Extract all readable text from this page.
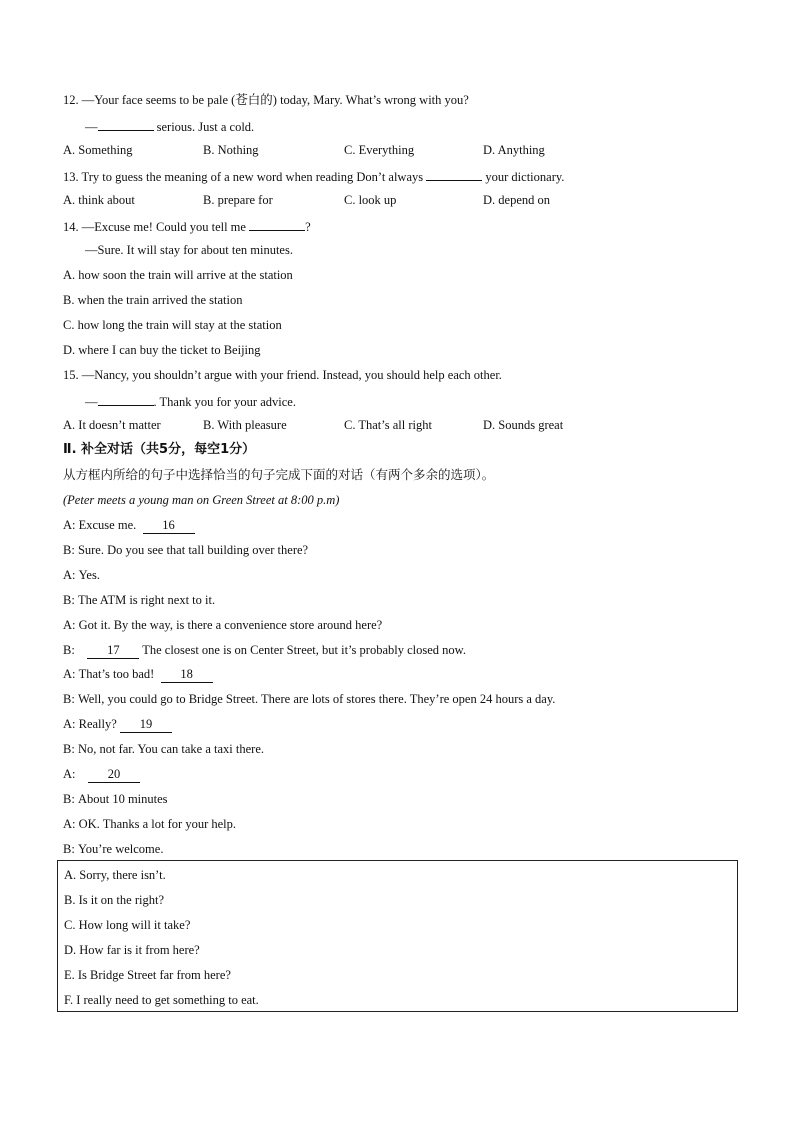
12. —Your face seems to be pale (苍白的) today, Mary. What’s wrong with you?
—	serious. Just a cold.
A. Something	B. Nothing	C. Everything	D. Anything
13. Try to guess the meaning of a new word when reading Don’t always	your dictionary.
A. think about	B. prepare for	C. look up	D. depend on
14. —Excuse me! Could you tell me	?
—Sure. It will stay for about ten minutes.
A. how soon the train will arrive at the station
B. when the train arrived the station
C. how long the train will stay at the station
D. where I can buy the ticket to Beijing
15. —Nancy, you shouldn’t argue with your friend. Instead, you should help each other.
—	. Thank you for your advice.
A. It doesn’t matter	B. With pleasure	C. That’s all right	D. Sounds great
Ⅱ. 补全对话（共5分，每空1分）
从方框内所给的句子中选择恰当的句子完成下面的对话（有两个多余的选项）。
(Peter meets a young man on Green Street at 8:00 p.m)
A: Excuse me.  16
B: Sure. Do you see that tall building over there?
A: Yes.
B: The ATM is right next to it.
A: Got it. By the way, is there a convenience store around here?
B:	17 The closest one is on Center Street, but it’s probably closed now.
A: That’s too bad!  18
B: Well, you could go to Bridge Street. There are lots of stores there. They’re open 24 hours a day.
A: Really? 19
B: No, not far. You can take a taxi there.
A:	20
B: About 10 minutes
A: OK. Thanks a lot for your help.
B: You’re welcome.
A. Sorry, there isn’t.
B. Is it on the right?
C. How long will it take?
D. How far is it from here?
E. Is Bridge Street far from here?
F. I really need to get something to eat.
